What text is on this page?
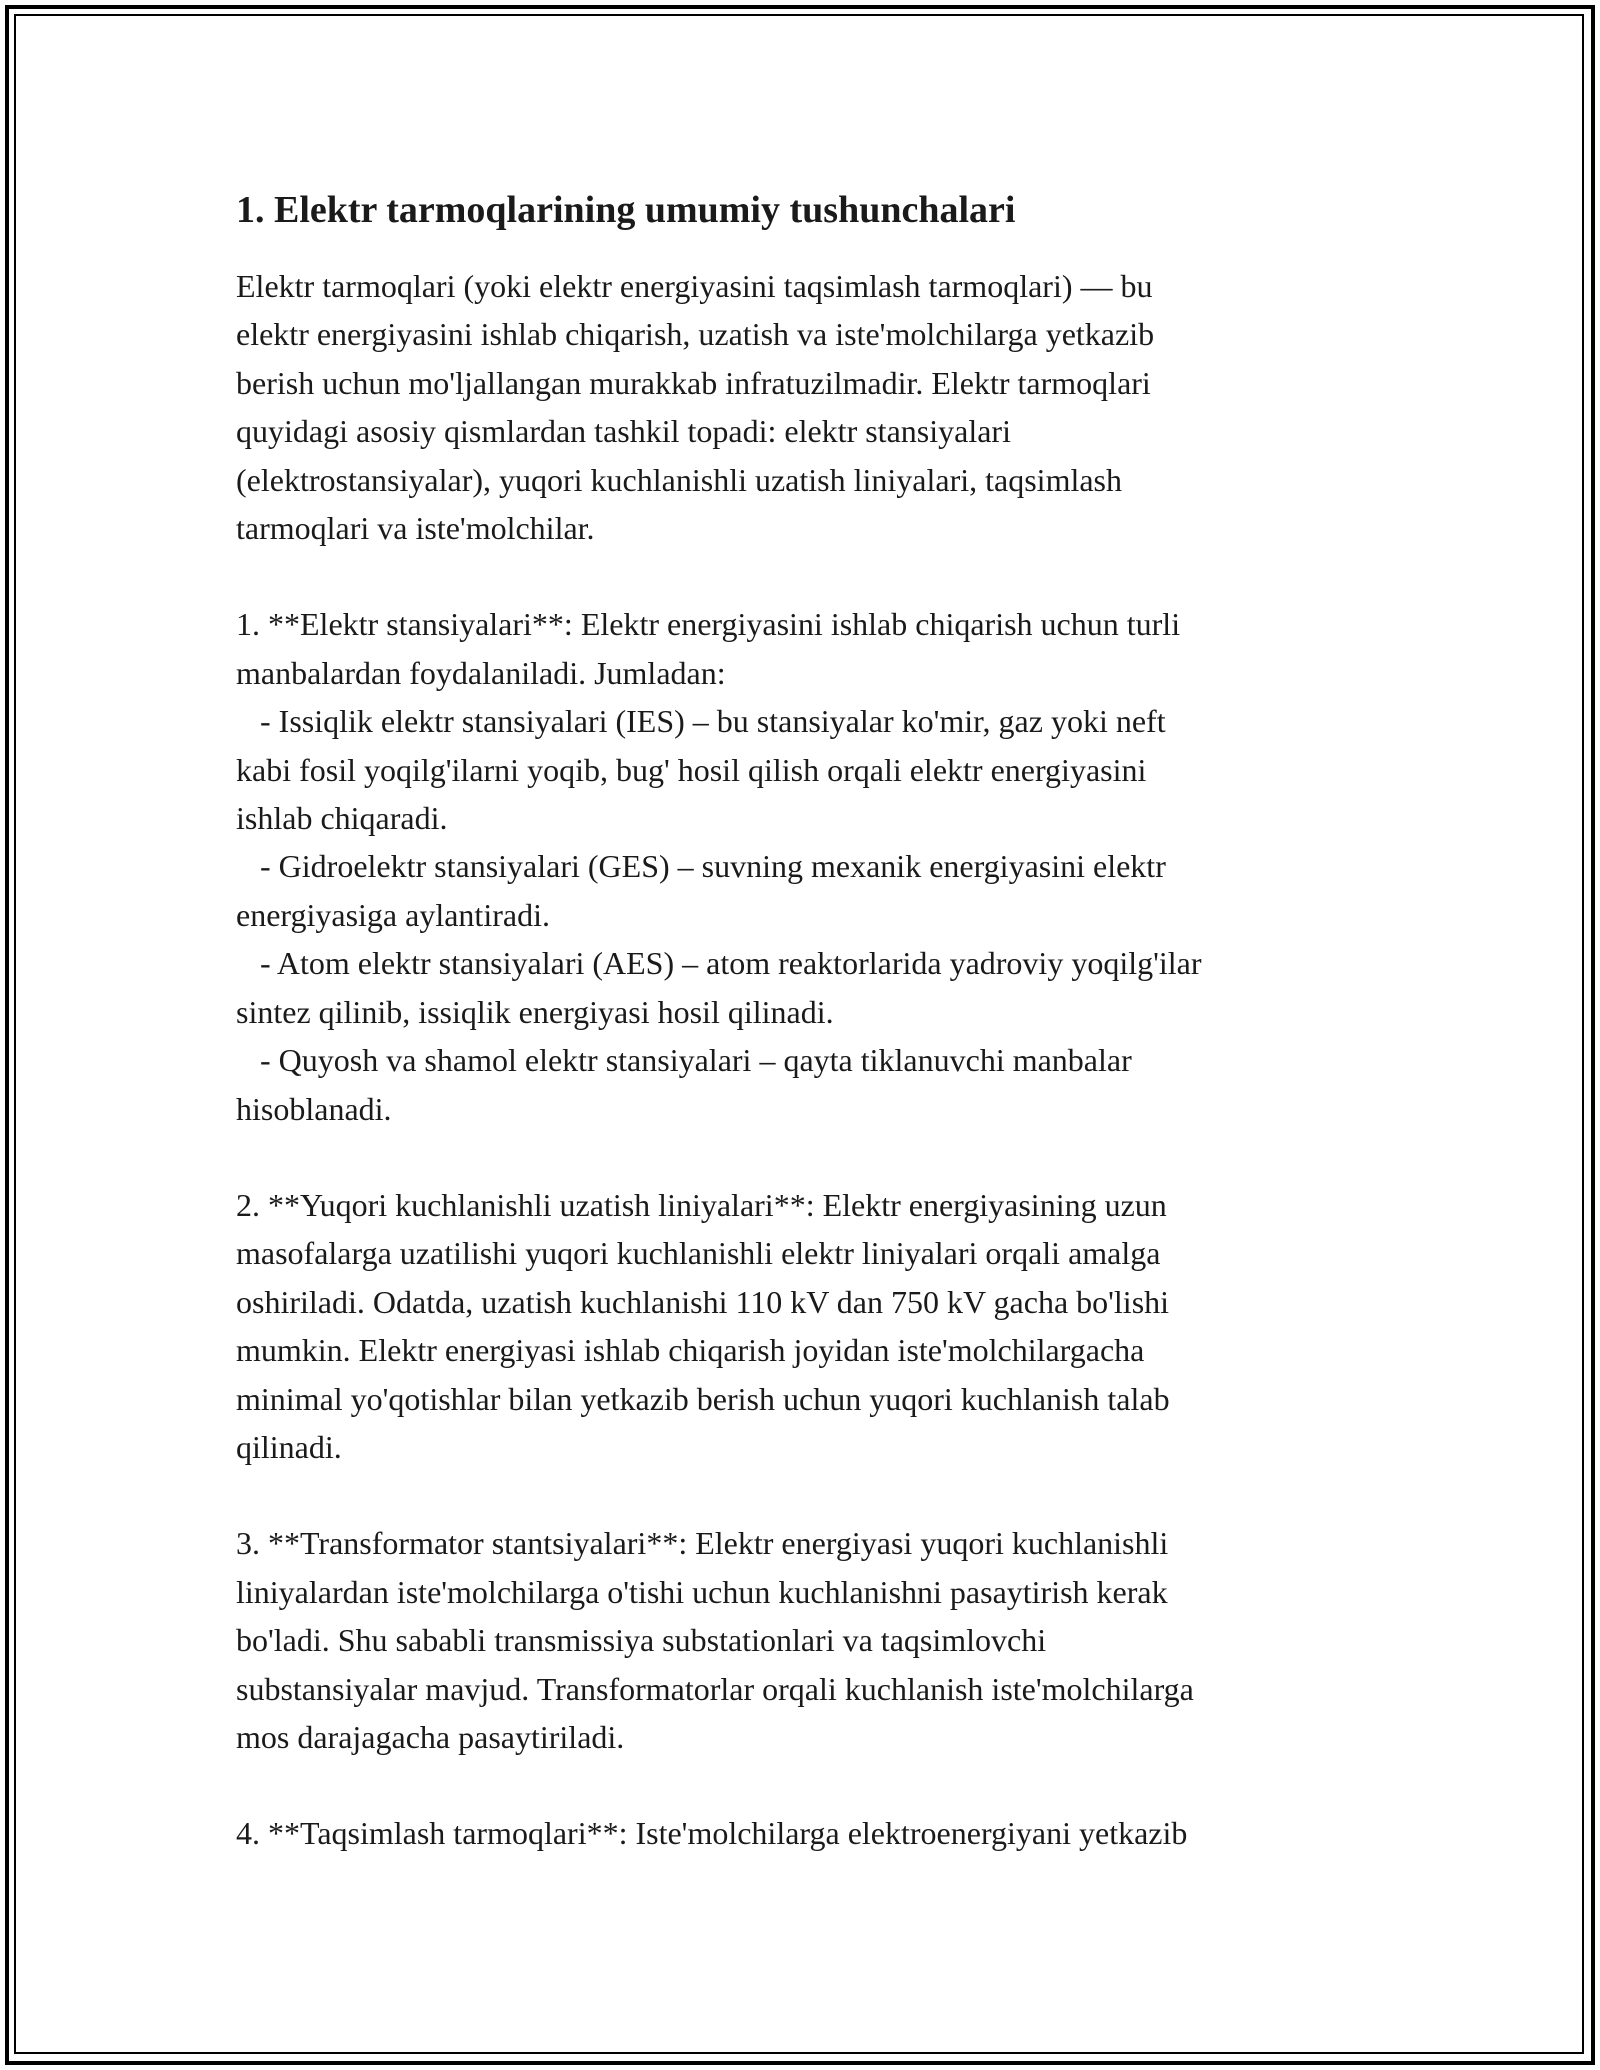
1. Elektr tarmoqlarining umumiy tushunchalari

Elektr tarmoqlari (yoki elektr energiyasini taqsimlash tarmoqlari) — bu
elektr energiyasini ishlab chiqarish, uzatish va iste'molchilarga yetkazib
berish uchun mo'ljallangan murakkab infratuzilmadir. Elektr tarmoqlari
quyidagi asosiy qismlardan tashkil topadi: elektr stansiyalari
(elektrostansiyalar), yuqori kuchlanishli uzatish liniyalari, taqsimlash
tarmoqlari va iste'molchilar.

1. **Elektr stansiyalari**: Elektr energiyasini ishlab chiqarish uchun turli
manbalardan foydalaniladi. Jumladan:
- Issiqlik elektr stansiyalari (IES) – bu stansiyalar ko'mir, gaz yoki neft
kabi fosil yoqilg'ilarni yoqib, bug' hosil qilish orqali elektr energiyasini
ishlab chiqaradi.
- Gidroelektr stansiyalari (GES) – suvning mexanik energiyasini elektr
energiyasiga aylantiradi.
- Atom elektr stansiyalari (AES) – atom reaktorlarida yadroviy yoqilg'ilar
sintez qilinib, issiqlik energiyasi hosil qilinadi.
- Quyosh va shamol elektr stansiyalari – qayta tiklanuvchi manbalar
hisoblanadi.

2. **Yuqori kuchlanishli uzatish liniyalari**: Elektr energiyasining uzun
masofalarga uzatilishi yuqori kuchlanishli elektr liniyalari orqali amalga
oshiriladi. Odatda, uzatish kuchlanishi 110 kV dan 750 kV gacha bo'lishi
mumkin. Elektr energiyasi ishlab chiqarish joyidan iste'molchilargacha
minimal yo'qotishlar bilan yetkazib berish uchun yuqori kuchlanish talab
qilinadi.

3. **Transformator stantsiyalari**: Elektr energiyasi yuqori kuchlanishli
liniyalardan iste'molchilarga o'tishi uchun kuchlanishni pasaytirish kerak
bo'ladi. Shu sababli transmissiya substationlari va taqsimlovchi
substansiyalar mavjud. Transformatorlar orqali kuchlanish iste'molchilarga
mos darajagacha pasaytiriladi.

4. **Taqsimlash tarmoqlari**: Iste'molchilarga elektroenergiyani yetkazib
